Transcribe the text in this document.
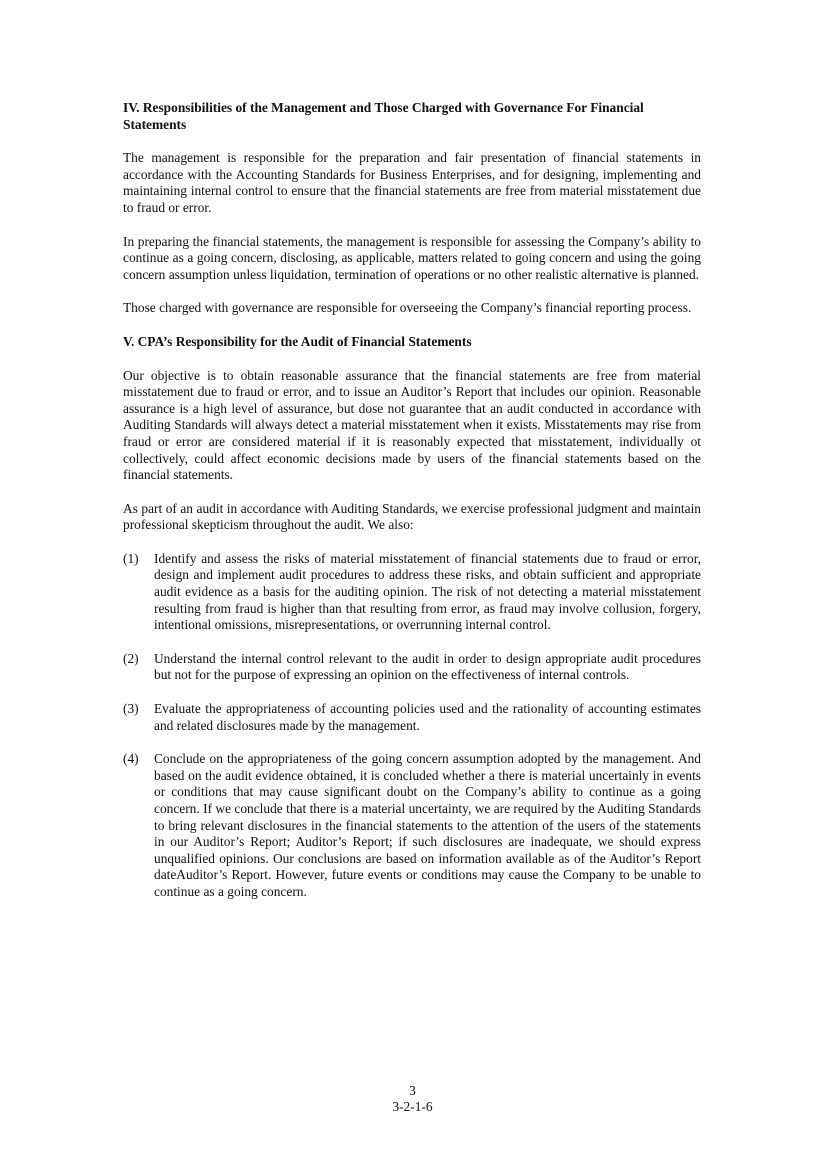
IV. Responsibilities of the Management and Those Charged with Governance For Financial Statements

The management is responsible for the preparation and fair presentation of financial statements in accordance with the Accounting Standards for Business Enterprises, and for designing, implementing and maintaining internal control to ensure that the financial statements are free from material misstatement due to fraud or error.

In preparing the financial statements, the management is responsible for assessing the Company’s ability to continue as a going concern, disclosing, as applicable, matters related to going concern and using the going concern assumption unless liquidation, termination of operations or no other realistic alternative is planned.

Those charged with governance are responsible for overseeing the Company’s financial reporting process.

V. CPA’s Responsibility for the Audit of Financial Statements

Our objective is to obtain reasonable assurance that the financial statements are free from material misstatement due to fraud or error, and to issue an Auditor’s Report that includes our opinion. Reasonable assurance is a high level of assurance, but dose not guarantee that an audit conducted in accordance with Auditing Standards will always detect a material misstatement when it exists. Misstatements may rise from fraud or error are considered material if it is reasonably expected that misstatement, individually ot collectively, could affect economic decisions made by users of the financial statements based on the financial statements.

As part of an audit in accordance with Auditing Standards, we exercise professional judgment and maintain professional skepticism throughout the audit. We also:

(1)	Identify and assess the risks of material misstatement of financial statements due to fraud or error, design and implement audit procedures to address these risks, and obtain sufficient and appropriate audit evidence as a basis for the auditing opinion. The risk of not detecting a material misstatement resulting from fraud is higher than that resulting from error, as fraud may involve collusion, forgery, intentional omissions, misrepresentations, or overrunning internal control.
(2)	Understand the internal control relevant to the audit in order to design appropriate audit procedures but not for the purpose of expressing an opinion on the effectiveness of internal controls.
(3)	Evaluate the appropriateness of accounting policies used and the rationality of accounting estimates and related disclosures made by the management.
(4)	Conclude on the appropriateness of the going concern assumption adopted by the management. And based on the audit evidence obtained, it is concluded whether a there is material uncertainly in events or conditions that may cause significant doubt on the Company’s ability to continue as a going concern. If we conclude that there is a material uncertainty, we are required by the Auditing Standards to bring relevant disclosures in the financial statements to the attention of the users of the statements in our Auditor’s Report; Auditor’s Report; if such disclosures are inadequate, we should express unqualified opinions. Our conclusions are based on information available as of the Auditor’s Report dateAuditor’s Report. However, future events or conditions may cause the Company to be unable to continue as a going concern.
3
3-2-1-6
